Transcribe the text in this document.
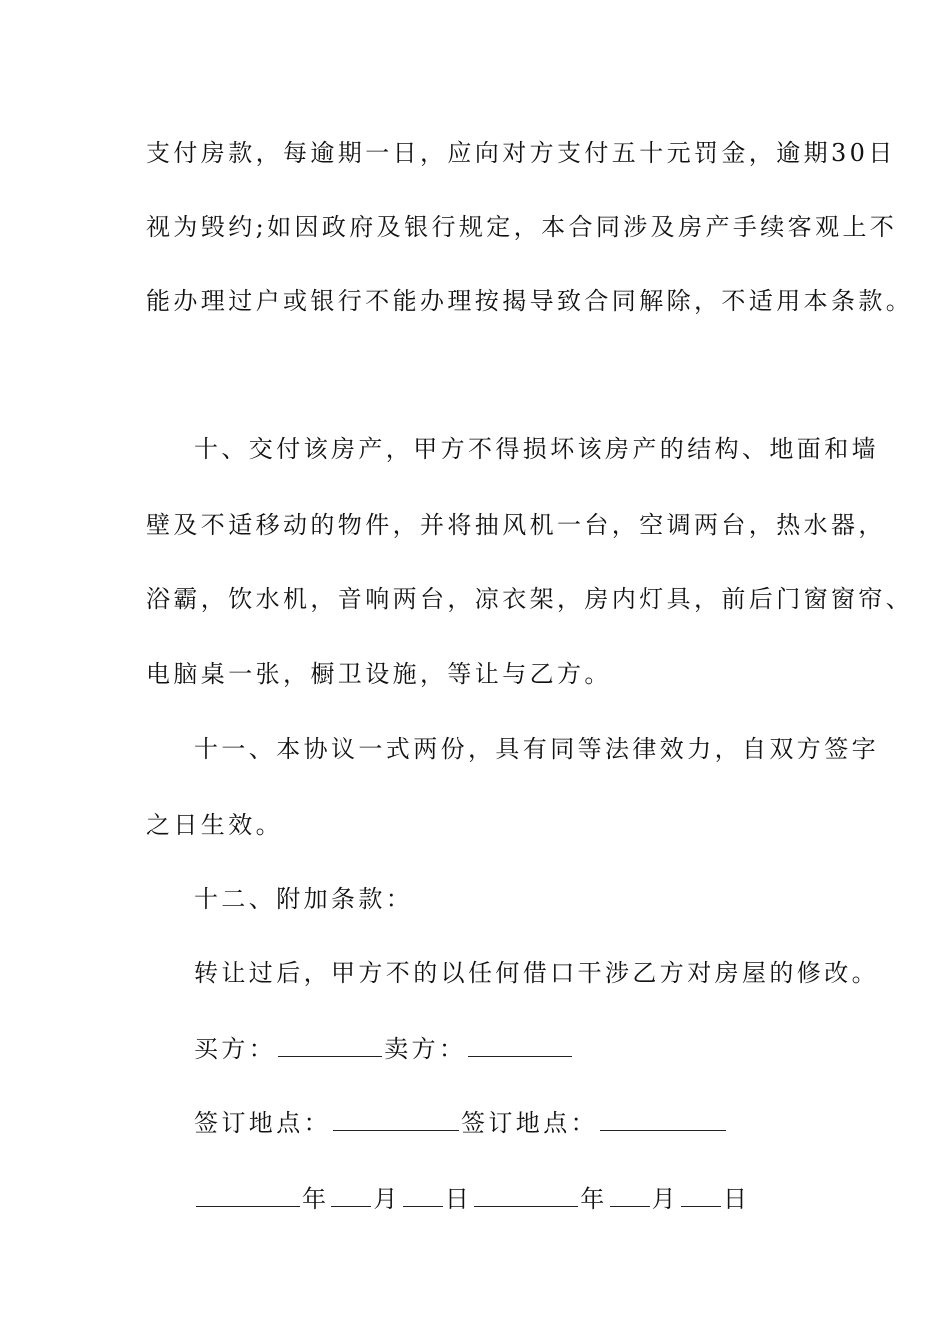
支付房款，每逾期一日，应向对方支付五十元罚金，逾期30日
视为毁约;如因政府及银行规定，本合同涉及房产手续客观上不
能办理过户或银行不能办理按揭导致合同解除，不适用本条款。
十、交付该房产，甲方不得损坏该房产的结构、地面和墙
壁及不适移动的物件，并将抽风机一台，空调两台，热水器，
浴霸，饮水机，音响两台，凉衣架，房内灯具，前后门窗窗帘、
电脑桌一张，橱卫设施，等让与乙方。
十一、本协议一式两份，具有同等法律效力，自双方签字
之日生效。
十二、附加条款：
转让过后，甲方不的以任何借口干涉乙方对房屋的修改。
买方：	卖方：
签订地点：	签订地点：
年 月 日	年 月 日
